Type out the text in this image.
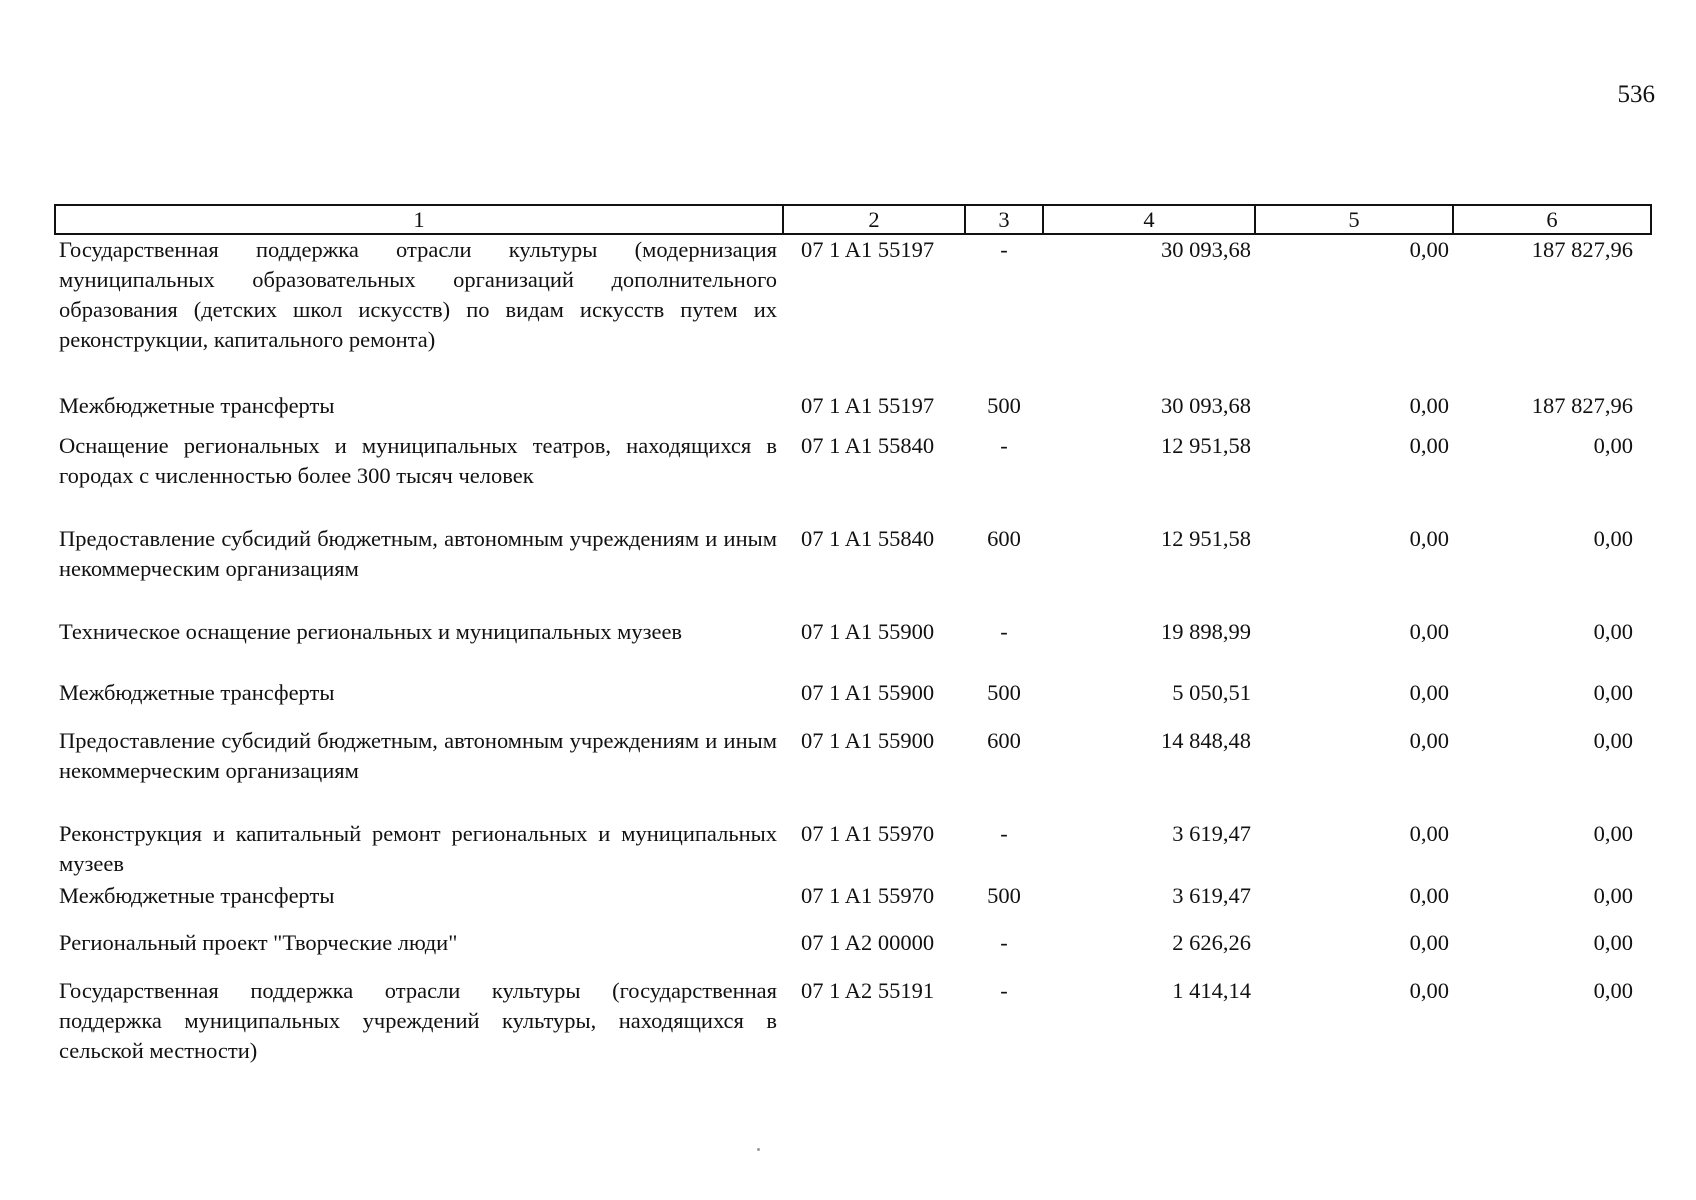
536
1	2	3	4	5	6
Государственная поддержка отрасли культуры (модернизация муниципальных образовательных организаций дополнительного образования (детских школ искусств) по видам искусств путем их реконструкции, капитального ремонта)	07 1 A1 55197	-	30 093,68	0,00	187 827,96
Межбюджетные трансферты	07 1 A1 55197	500	30 093,68	0,00	187 827,96
Оснащение региональных и муниципальных театров, находящихся в городах с численностью более 300 тысяч человек	07 1 A1 55840	-	12 951,58	0,00	0,00
Предоставление субсидий бюджетным, автономным учреждениям и иным некоммерческим организациям	07 1 A1 55840	600	12 951,58	0,00	0,00
Техническое оснащение региональных и муниципальных музеев	07 1 A1 55900	-	19 898,99	0,00	0,00
Межбюджетные трансферты	07 1 A1 55900	500	5 050,51	0,00	0,00
Предоставление субсидий бюджетным, автономным учреждениям и иным некоммерческим организациям	07 1 A1 55900	600	14 848,48	0,00	0,00
Реконструкция и капитальный ремонт региональных и муниципальных музеев	07 1 A1 55970	-	3 619,47	0,00	0,00
Межбюджетные трансферты	07 1 A1 55970	500	3 619,47	0,00	0,00
Региональный проект "Творческие люди"	07 1 A2 00000	-	2 626,26	0,00	0,00
Государственная поддержка отрасли культуры (государственная поддержка муниципальных учреждений культуры, находящихся в сельской местности)	07 1 A2 55191	-	1 414,14	0,00	0,00
